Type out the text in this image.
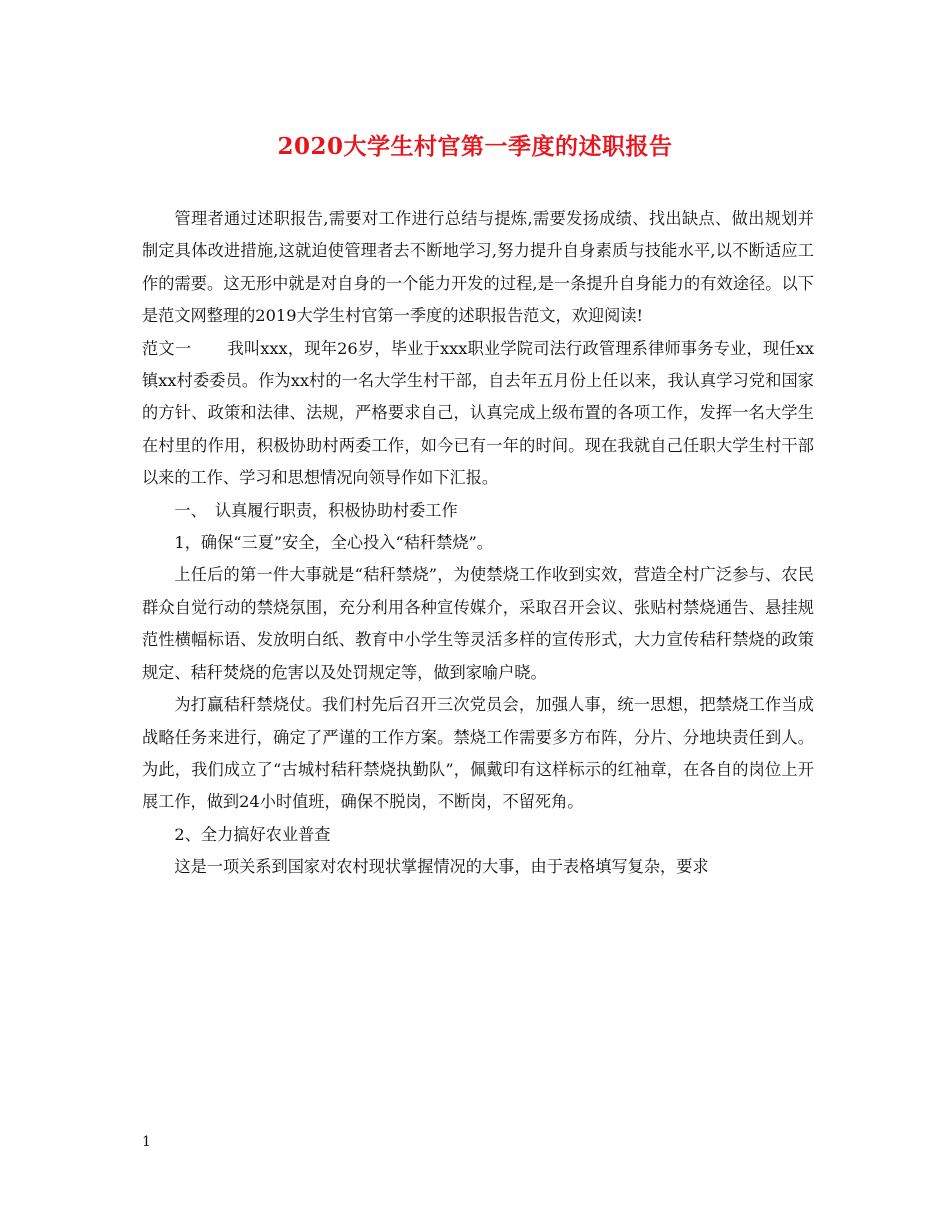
2020大学生村官第一季度的述职报告

管理者通过述职报告,需要对工作进行总结与提炼,需要发扬成绩、找出缺点、做出规划并制定具体改进措施,这就迫使管理者去不断地学习,努力提升自身素质与技能水平,以不断适应工作的需要。这无形中就是对自身的一个能力开发的过程,是一条提升自身能力的有效途径。以下是范文网整理的2019大学生村官第一季度的述职报告范文，欢迎阅读!

范文一 我叫xxx，现年26岁，毕业于xxx职业学院司法行政管理系律师事务专业，现任xx镇xx村委委员。作为xx村的一名大学生村干部，自去年五月份上任以来，我认真学习党和国家的方针、政策和法律、法规，严格要求自己，认真完成上级布置的各项工作，发挥一名大学生在村里的作用，积极协助村两委工作，如今已有一年的时间。现在我就自己任职大学生村干部以来的工作、学习和思想情况向领导作如下汇报。

一、　认真履行职责，积极协助村委工作

1，确保“三夏”安全，全心投入“秸秆禁烧”。

上任后的第一件大事就是“秸秆禁烧”，为使禁烧工作收到实效，营造全村广泛参与、农民群众自觉行动的禁烧氛围，充分利用各种宣传媒介，采取召开会议、张贴村禁烧通告、悬挂规范性横幅标语、发放明白纸、教育中小学生等灵活多样的宣传形式，大力宣传秸秆禁烧的政策规定、秸秆焚烧的危害以及处罚规定等，做到家喻户晓。

为打赢秸秆禁烧仗。我们村先后召开三次党员会，加强人事，统一思想，把禁烧工作当成战略任务来进行，确定了严谨的工作方案。禁烧工作需要多方布阵，分片、分地块责任到人。为此，我们成立了“古城村秸秆禁烧执勤队”，佩戴印有这样标示的红袖章，在各自的岗位上开展工作，做到24小时值班，确保不脱岗，不断岗，不留死角。

2、全力搞好农业普查

这是一项关系到国家对农村现状掌握情况的大事，由于表格填写复杂，要求

1
